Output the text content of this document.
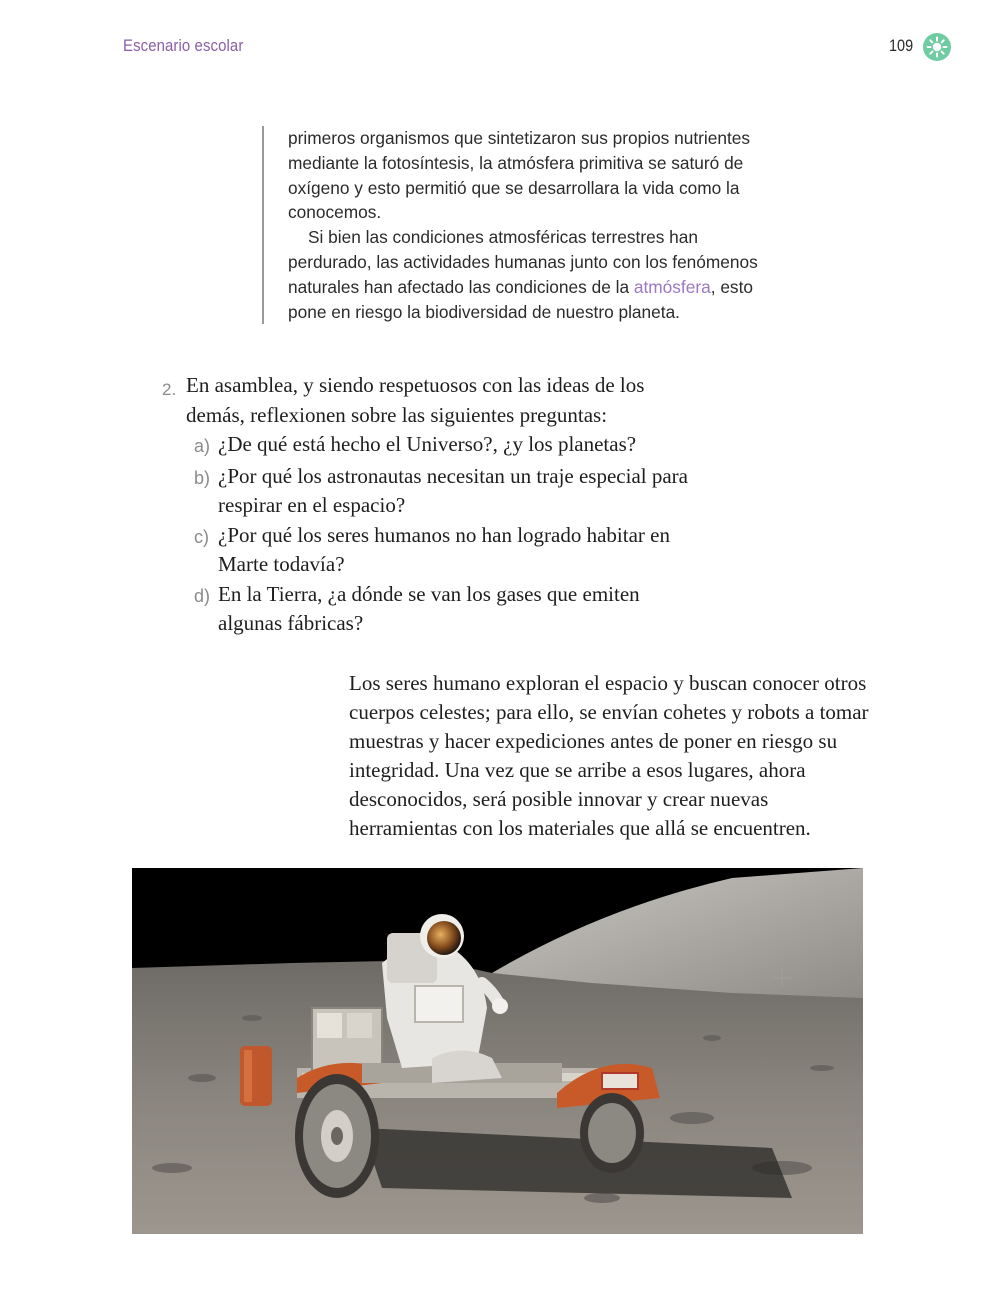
Escenario escolar	109

primeros organismos que sintetizaron sus propios nutrientes mediante la fotosíntesis, la atmósfera primitiva se saturó de oxígeno y esto permitió que se desarrollara la vida como la conocemos.

Si bien las condiciones atmosféricas terrestres han perdurado, las actividades humanas junto con los fenómenos naturales han afectado las condiciones de la atmósfera, esto pone en riesgo la biodiversidad de nuestro planeta.

2. En asamblea, y siendo respetuosos con las ideas de los demás, reflexionen sobre las siguientes preguntas:
a) ¿De qué está hecho el Universo?, ¿y los planetas?
b) ¿Por qué los astronautas necesitan un traje especial para respirar en el espacio?
c) ¿Por qué los seres humanos no han logrado habitar en Marte todavía?
d) En la Tierra, ¿a dónde se van los gases que emiten algunas fábricas?
Los seres humano exploran el espacio y buscan conocer otros cuerpos celestes; para ello, se envían cohetes y robots a tomar muestras y hacer expediciones antes de poner en riesgo su integridad. Una vez que se arribe a esos lugares, ahora desconocidos, será posible innovar y crear nuevas herramientas con los materiales que allá se encuentren.
